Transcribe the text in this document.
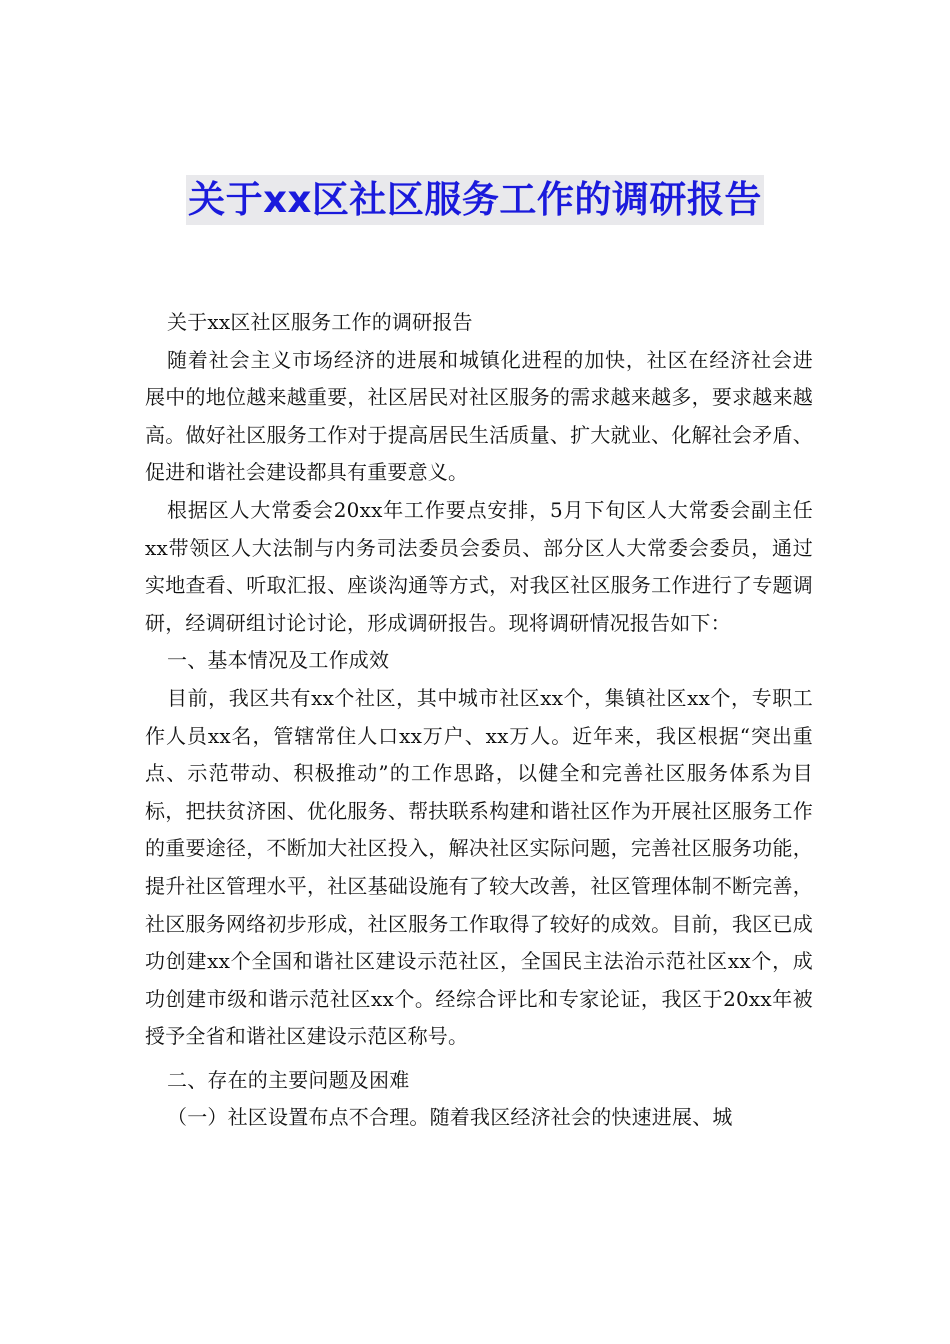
关于xx区社区服务工作的调研报告

关于xx区社区服务工作的调研报告

随着社会主义市场经济的进展和城镇化进程的加快，社区在经济社会进展中的地位越来越重要，社区居民对社区服务的需求越来越多，要求越来越高。做好社区服务工作对于提高居民生活质量、扩大就业、化解社会矛盾、促进和谐社会建设都具有重要意义。

根据区人大常委会20xx年工作要点安排，5月下旬区人大常委会副主任xx带领区人大法制与内务司法委员会委员、部分区人大常委会委员，通过实地查看、听取汇报、座谈沟通等方式，对我区社区服务工作进行了专题调研，经调研组讨论讨论，形成调研报告。现将调研情况报告如下：

一、基本情况及工作成效

目前，我区共有xx个社区，其中城市社区xx个，集镇社区xx个，专职工作人员xx名，管辖常住人口xx万户、xx万人。近年来，我区根据“突出重点、示范带动、积极推动”的工作思路，以健全和完善社区服务体系为目标，把扶贫济困、优化服务、帮扶联系构建和谐社区作为开展社区服务工作的重要途径，不断加大社区投入，解决社区实际问题，完善社区服务功能，提升社区管理水平，社区基础设施有了较大改善，社区管理体制不断完善，社区服务网络初步形成，社区服务工作取得了较好的成效。目前，我区已成功创建xx个全国和谐社区建设示范社区，全国民主法治示范社区xx个，成功创建市级和谐示范社区xx个。经综合评比和专家论证，我区于20xx年被授予全省和谐社区建设示范区称号。

二、存在的主要问题及困难

（一）社区设置布点不合理。随着我区经济社会的快速进展、城
